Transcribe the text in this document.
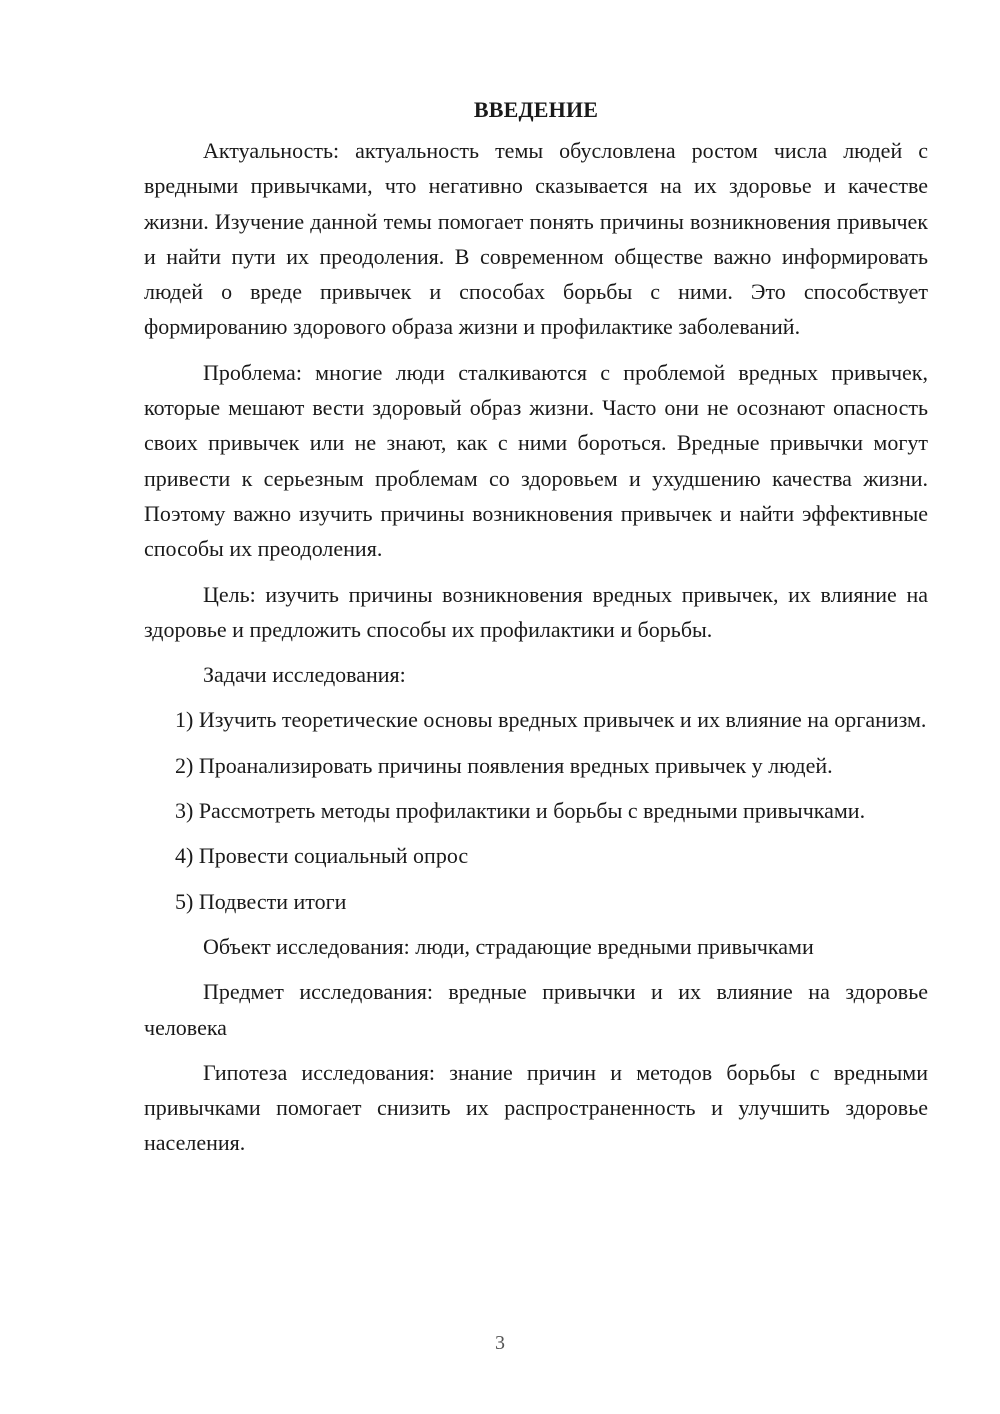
ВВЕДЕНИЕ

Актуальность: актуальность темы обусловлена ростом числа людей с вредными привычками, что негативно сказывается на их здоровье и качестве жизни. Изучение данной темы помогает понять причины возникновения привычек и найти пути их преодоления. В современном обществе важно информировать людей о вреде привычек и способах борьбы с ними. Это способствует формированию здорового образа жизни и профилактике заболеваний.

Проблема: многие люди сталкиваются с проблемой вредных привычек, которые мешают вести здоровый образ жизни. Часто они не осознают опасность своих привычек или не знают, как с ними бороться. Вредные привычки могут привести к серьезным проблемам со здоровьем и ухудшению качества жизни. Поэтому важно изучить причины возникновения привычек и найти эффективные способы их преодоления.

Цель: изучить причины возникновения вредных привычек, их влияние на здоровье и предложить способы их профилактики и борьбы.

Задачи исследования:

1) Изучить теоретические основы вредных привычек и их влияние на организм.

2) Проанализировать причины появления вредных привычек у людей.

3) Рассмотреть методы профилактики и борьбы с вредными привычками.

4) Провести социальный опрос

5) Подвести итоги

Объект исследования: люди, страдающие вредными привычками

Предмет исследования: вредные привычки и их влияние на здоровье человека

Гипотеза исследования: знание причин и методов борьбы с вредными привычками помогает снизить их распространенность и улучшить здоровье населения.

3
